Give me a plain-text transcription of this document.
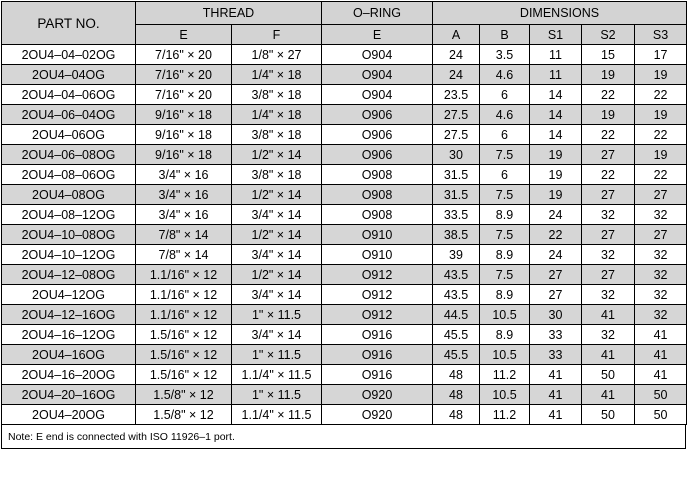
PART NO.	THREAD		O–RING	DIMENSIONS				
	E	F	E	A	B	S1	S2	S3
2OU4–04–02OG	7/16" × 20	1/8" × 27	O904	24	3.5	11	15	17
2OU4–04OG	7/16" × 20	1/4" × 18	O904	24	4.6	11	19	19
2OU4–04–06OG	7/16" × 20	3/8" × 18	O904	23.5	6	14	22	22
2OU4–06–04OG	9/16" × 18	1/4" × 18	O906	27.5	4.6	14	19	19
2OU4–06OG	9/16" × 18	3/8" × 18	O906	27.5	6	14	22	22
2OU4–06–08OG	9/16" × 18	1/2" × 14	O906	30	7.5	19	27	19
2OU4–08–06OG	3/4" × 16	3/8" × 18	O908	31.5	6	19	22	22
2OU4–08OG	3/4" × 16	1/2" × 14	O908	31.5	7.5	19	27	27
2OU4–08–12OG	3/4" × 16	3/4" × 14	O908	33.5	8.9	24	32	32
2OU4–10–08OG	7/8" × 14	1/2" × 14	O910	38.5	7.5	22	27	27
2OU4–10–12OG	7/8" × 14	3/4" × 14	O910	39	8.9	24	32	32
2OU4–12–08OG	1.1/16" × 12	1/2" × 14	O912	43.5	7.5	27	27	32
2OU4–12OG	1.1/16" × 12	3/4" × 14	O912	43.5	8.9	27	32	32
2OU4–12–16OG	1.1/16" × 12	1" × 11.5	O912	44.5	10.5	30	41	32
2OU4–16–12OG	1.5/16" × 12	3/4" × 14	O916	45.5	8.9	33	32	41
2OU4–16OG	1.5/16" × 12	1" × 11.5	O916	45.5	10.5	33	41	41
2OU4–16–20OG	1.5/16" × 12	1.1/4" × 11.5	O916	48	11.2	41	50	41
2OU4–20–16OG	1.5/8" × 12	1" × 11.5	O920	48	10.5	41	41	50
2OU4–20OG	1.5/8" × 12	1.1/4" × 11.5	O920	48	11.2	41	50	50
Note: E end is connected with ISO 11926–1 port.
